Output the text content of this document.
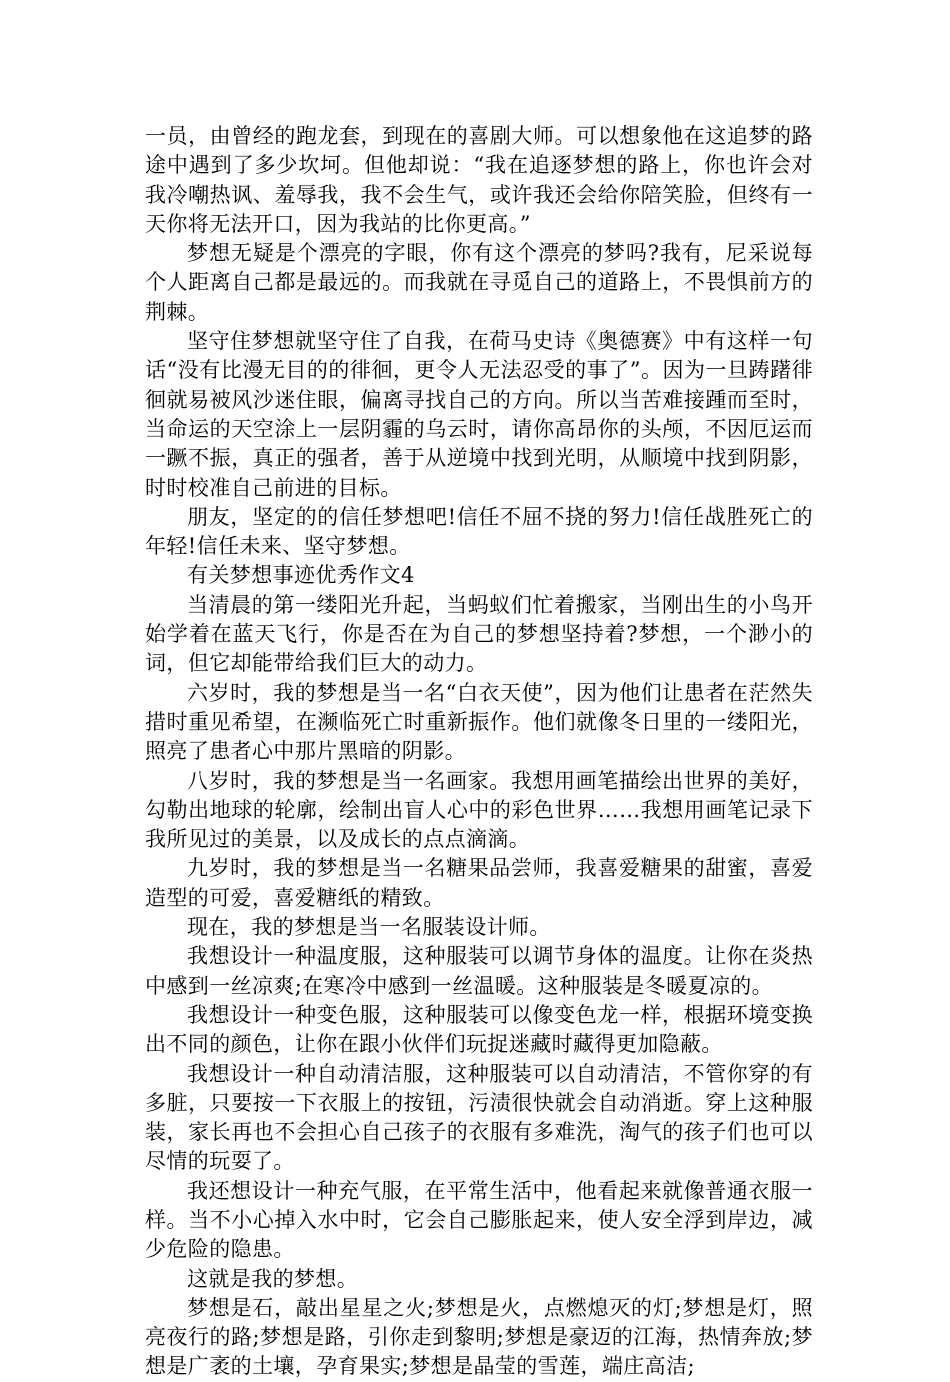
一员，由曾经的跑龙套，到现在的喜剧大师。可以想象他在这追梦的路途中遇到了多少坎坷。但他却说：“我在追逐梦想的路上，你也许会对我冷嘲热讽、羞辱我，我不会生气，或许我还会给你陪笑脸，但终有一天你将无法开口，因为我站的比你更高。”

梦想无疑是个漂亮的字眼，你有这个漂亮的梦吗?我有，尼采说每个人距离自己都是最远的。而我就在寻觅自己的道路上，不畏惧前方的荆棘。

坚守住梦想就坚守住了自我，在荷马史诗《奥德赛》中有这样一句话“没有比漫无目的的徘徊，更令人无法忍受的事了”。因为一旦踌躇徘徊就易被风沙迷住眼，偏离寻找自己的方向。所以当苦难接踵而至时，当命运的天空涂上一层阴霾的乌云时，请你高昂你的头颅，不因厄运而一蹶不振，真正的强者，善于从逆境中找到光明，从顺境中找到阴影，时时校准自己前进的目标。

朋友，坚定的的信任梦想吧!信任不屈不挠的努力!信任战胜死亡的年轻!信任未来、坚守梦想。

有关梦想事迹优秀作文4

当清晨的第一缕阳光升起，当蚂蚁们忙着搬家，当刚出生的小鸟开始学着在蓝天飞行，你是否在为自己的梦想坚持着?梦想，一个渺小的词，但它却能带给我们巨大的动力。

六岁时，我的梦想是当一名“白衣天使”，因为他们让患者在茫然失措时重见希望，在濒临死亡时重新振作。他们就像冬日里的一缕阳光，照亮了患者心中那片黑暗的阴影。

八岁时，我的梦想是当一名画家。我想用画笔描绘出世界的美好，勾勒出地球的轮廓，绘制出盲人心中的彩色世界……我想用画笔记录下我所见过的美景，以及成长的点点滴滴。

九岁时，我的梦想是当一名糖果品尝师，我喜爱糖果的甜蜜，喜爱造型的可爱，喜爱糖纸的精致。

现在，我的梦想是当一名服装设计师。

我想设计一种温度服，这种服装可以调节身体的温度。让你在炎热中感到一丝凉爽;在寒冷中感到一丝温暖。这种服装是冬暖夏凉的。

我想设计一种变色服，这种服装可以像变色龙一样，根据环境变换出不同的颜色，让你在跟小伙伴们玩捉迷藏时藏得更加隐蔽。

我想设计一种自动清洁服，这种服装可以自动清洁，不管你穿的有多脏，只要按一下衣服上的按钮，污渍很快就会自动消逝。穿上这种服装，家长再也不会担心自己孩子的衣服有多难洗，淘气的孩子们也可以尽情的玩耍了。

我还想设计一种充气服，在平常生活中，他看起来就像普通衣服一样。当不小心掉入水中时，它会自己膨胀起来，使人安全浮到岸边，减少危险的隐患。

这就是我的梦想。

梦想是石，敲出星星之火;梦想是火，点燃熄灭的灯;梦想是灯，照亮夜行的路;梦想是路，引你走到黎明;梦想是豪迈的江海，热情奔放;梦想是广袤的土壤，孕育果实;梦想是晶莹的雪莲，端庄高洁;
